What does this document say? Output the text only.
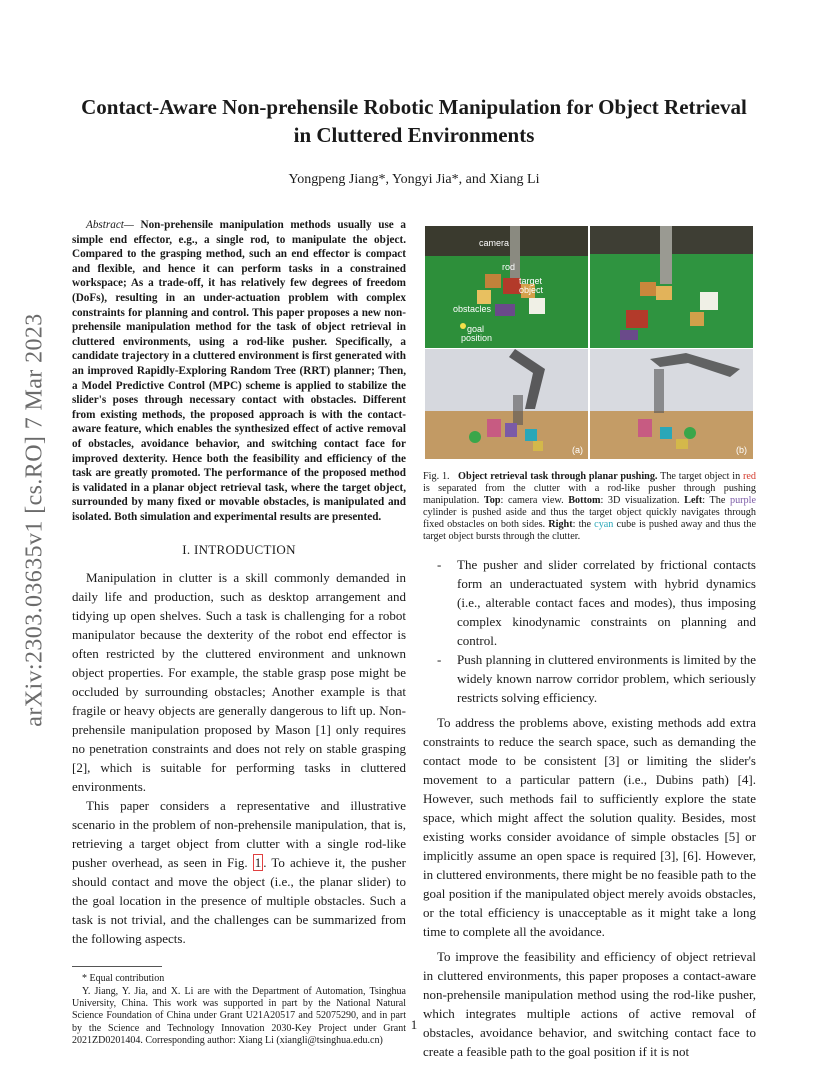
arXiv:2303.03635v1 [cs.RO] 7 Mar 2023
Contact-Aware Non-prehensile Robotic Manipulation for Object Retrieval in Cluttered Environments
Yongpeng Jiang*, Yongyi Jia*, and Xiang Li

Abstract— Non-prehensile manipulation methods usually use a simple end effector, e.g., a single rod, to manipulate the object. Compared to the grasping method, such an end effector is compact and flexible, and hence it can perform tasks in a constrained workspace; As a trade-off, it has relatively few degrees of freedom (DoFs), resulting in an under-actuation problem with complex constraints for planning and control. This paper proposes a new non-prehensile manipulation method for the task of object retrieval in cluttered environments, using a rod-like pusher. Specifically, a candidate trajectory in a cluttered environment is first generated with an improved Rapidly-Exploring Random Tree (RRT) planner; Then, a Model Predictive Control (MPC) scheme is applied to stabilize the slider's poses through necessary contact with obstacles. Different from existing methods, the proposed approach is with the contact-aware feature, which enables the synthesized effect of active removal of obstacles, avoidance behavior, and switching contact face for improved dexterity. Hence both the feasibility and efficiency of the task are greatly promoted. The performance of the proposed method is validated in a planar object retrieval task, where the target object, surrounded by many fixed or movable obstacles, is manipulated and isolated. Both simulation and experimental results are presented.

I. INTRODUCTION

Manipulation in clutter is a skill commonly demanded in daily life and production, such as desktop arrangement and tidying up open shelves. Such a task is challenging for a robot manipulator because the dexterity of the robot end effector is often restricted by the cluttered environment and unknown object properties. For example, the stable grasp pose might be occluded by surrounding obstacles; Another example is that fragile or heavy objects are generally dangerous to lift up. Non-prehensile manipulation proposed by Mason [1] only requires no penetration constraints and does not rely on stable grasping [2], which is suitable for performing tasks in cluttered environments.

This paper considers a representative and illustrative scenario in the problem of non-prehensile manipulation, that is, retrieving a target object from clutter with a single rod-like pusher overhead, as seen in Fig. 1 . To achieve it, the pusher should contact and move the object (i.e., the planar slider) to the goal location in the presence of multiple obstacles. Such a task is not trivial, and the challenges can be summarized from the following aspects.

* Equal contribution

Y. Jiang, Y. Jia, and X. Li are with the Department of Automation, Tsinghua University, China. This work was supported in part by the National Natural Science Foundation of China under Grant U21A20517 and 52075290, and in part by the Science and Technology Innovation 2030-Key Project under Grant 2021ZD0201404. Corresponding author: Xiang Li (xiangli@tsinghua.edu.cn)

camera
rod
target
object
obstacles
goal
position
(a)	(b)

Fig. 1. Object retrieval task through planar pushing. The target object in red is separated from the clutter with a rod-like pusher through pushing manipulation. Top: camera view. Bottom: 3D visualization. Left: The purple cylinder is pushed aside and thus the target object quickly navigates through fixed obstacles on both sides. Right: the cyan cube is pushed away and thus the target object bursts through the clutter.

- The pusher and slider correlated by frictional contacts form an underactuated system with hybrid dynamics (i.e., alterable contact faces and modes), thus imposing complex kinodynamic constraints on planning and control.
- Push planning in cluttered environments is limited by the widely known narrow corridor problem, which seriously restricts solving efficiency.

To address the problems above, existing methods add extra constraints to reduce the search space, such as demanding the contact mode to be consistent [3] or limiting the slider's movement to a particular pattern (i.e., Dubins path) [4]. However, such methods fail to sufficiently explore the state space, which might affect the solution quality. Besides, most existing works consider avoidance of simple obstacles [5] or implicitly assume an open space is required [3], [6]. However, in cluttered environments, there might be no feasible path to the goal position if the manipulated object merely avoids obstacles, or the total efficiency is unacceptable as it might take a long time to complete all the avoidance.

To improve the feasibility and efficiency of object retrieval in cluttered environments, this paper proposes a contact-aware non-prehensile manipulation method using the rod-like pusher, which integrates multiple actions of active removal of obstacles, avoidance behavior, and switching contact face to create a feasible path to the goal position if it is not

1
